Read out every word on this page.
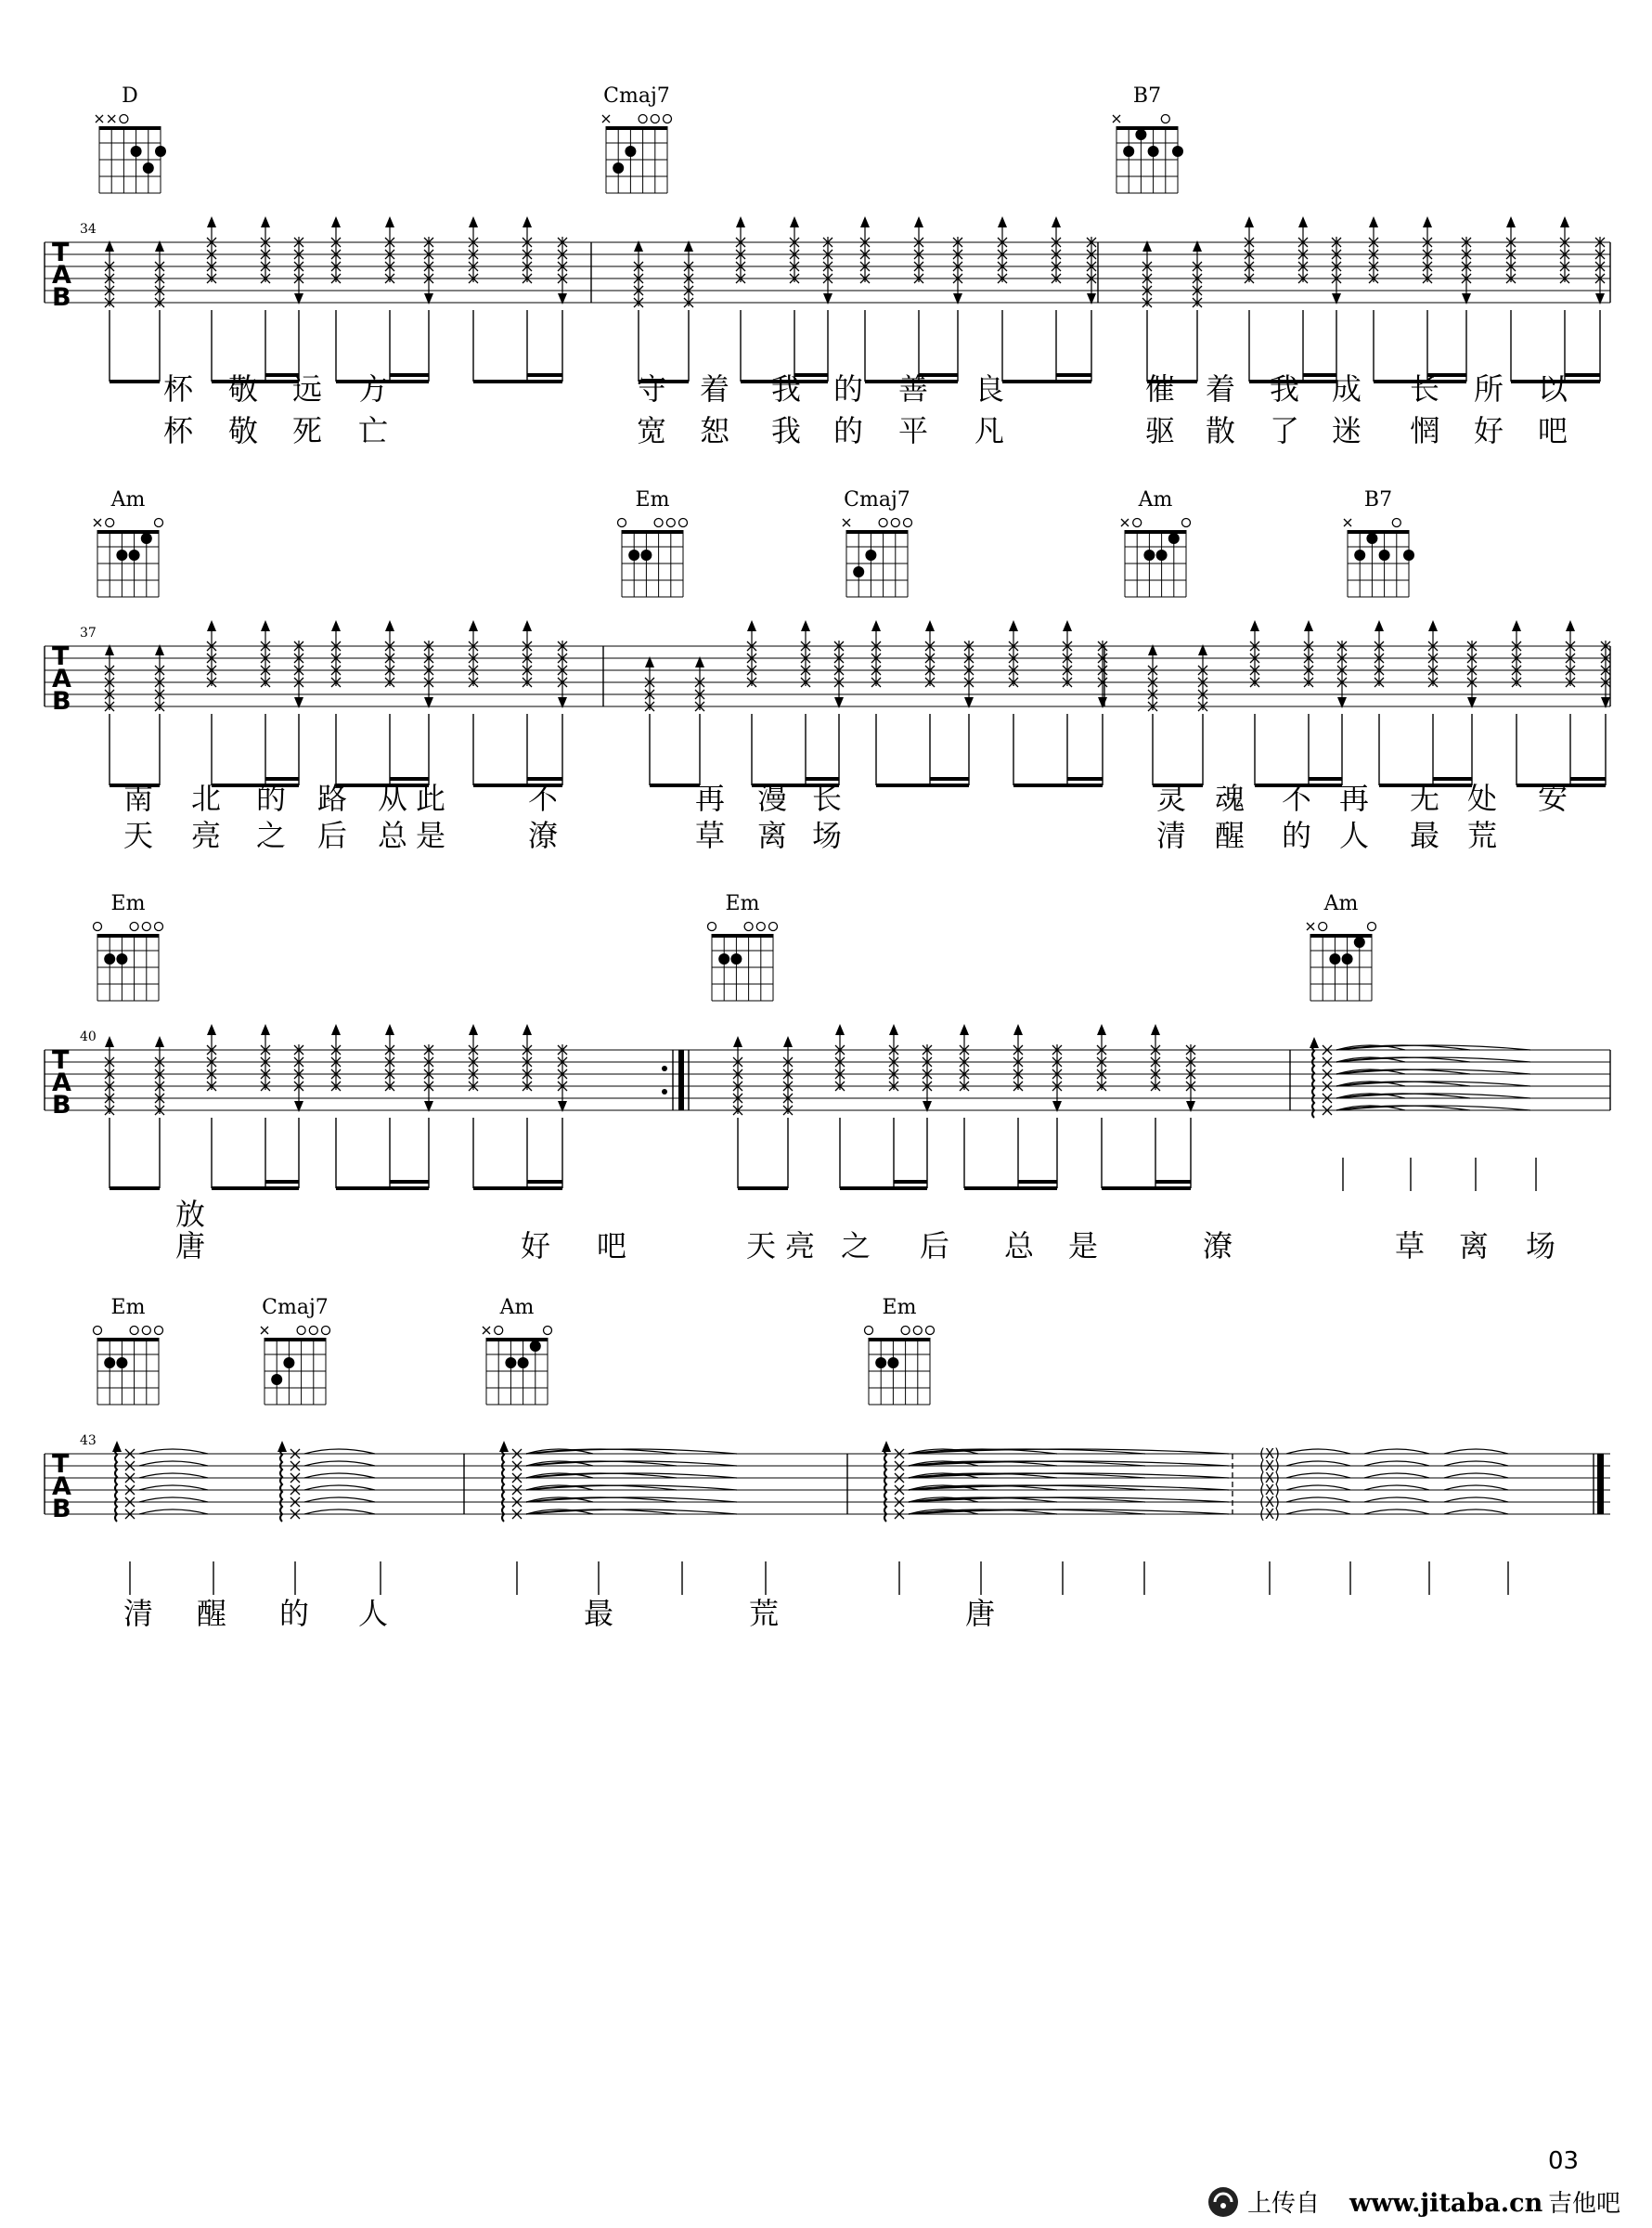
(X)
(X)
(X)
(X)
(X)
(X)
T
A
B
34
D	Cmaj7	B7
杯 敬 远 方	守 着 我 的 善 良	催 着 我 成 长 所 以
杯 敬 死 亡	宽 恕 我 的 平 凡	驱 散 了 迷 惘 好 吧
T
A
B
37
Am	Em	Cmaj7	Am	B7
南 北 的 路 从 此	不	再 漫 长	灵 魂 不 再 无 处 安
天 亮 之 后 总 是	潦	草 离 场	清 醒 的 人 最 荒
T
A
B
40
Em	Em	Am
放
唐	好 吧	天 亮 之 后 总 是	潦	草 离 场
T
A
B
43
Em	Cmaj7	Am	Em
清 醒 的 人	最	荒	唐
03
上传自 www.jitaba.cn 吉他吧
